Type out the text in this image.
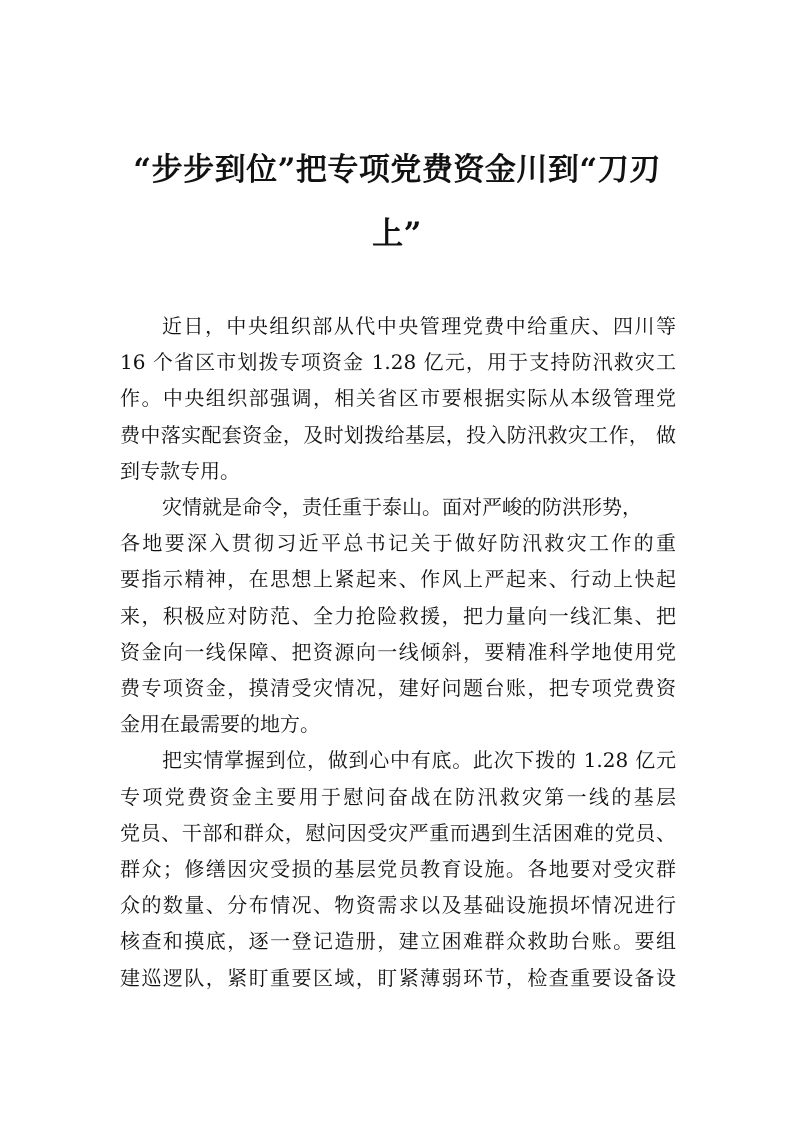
“步步到位”把专项党费资金川到“刀刃
上”

近日，中央组织部从代中央管理党费中给重庆、四川等
16 个省区市划拨专项资金 1.28 亿元，用于支持防汛救灾工
作。中央组织部强调，相关省区市要根据实际从本级管理党
费中落实配套资金，及时划拨给基层，投入防汛救灾工作， 做
到专款专用。

灾情就是命令，责任重于泰山。面对严峻的防洪形势，
各地要深入贯彻习近平总书记关于做好防汛救灾工作的重
要指示精神，在思想上紧起来、作风上严起来、行动上快起
来，积极应对防范、全力抢险救援，把力量向一线汇集、把
资金向一线保障、把资源向一线倾斜，要精准科学地使用党
费专项资金，摸清受灾情况，建好问题台账，把专项党费资
金用在最需要的地方。

把实情掌握到位，做到心中有底。此次下拨的 1.28 亿元
专项党费资金主要用于慰问奋战在防汛救灾第一线的基层
党员、干部和群众，慰问因受灾严重而遇到生活困难的党员、
群众；修缮因灾受损的基层党员教育设施。各地要对受灾群
众的数量、分布情况、物资需求以及基础设施损坏情况进行
核查和摸底，逐一登记造册，建立困难群众救助台账。要组
建巡逻队，紧盯重要区域，盯紧薄弱环节，检查重要设备设
